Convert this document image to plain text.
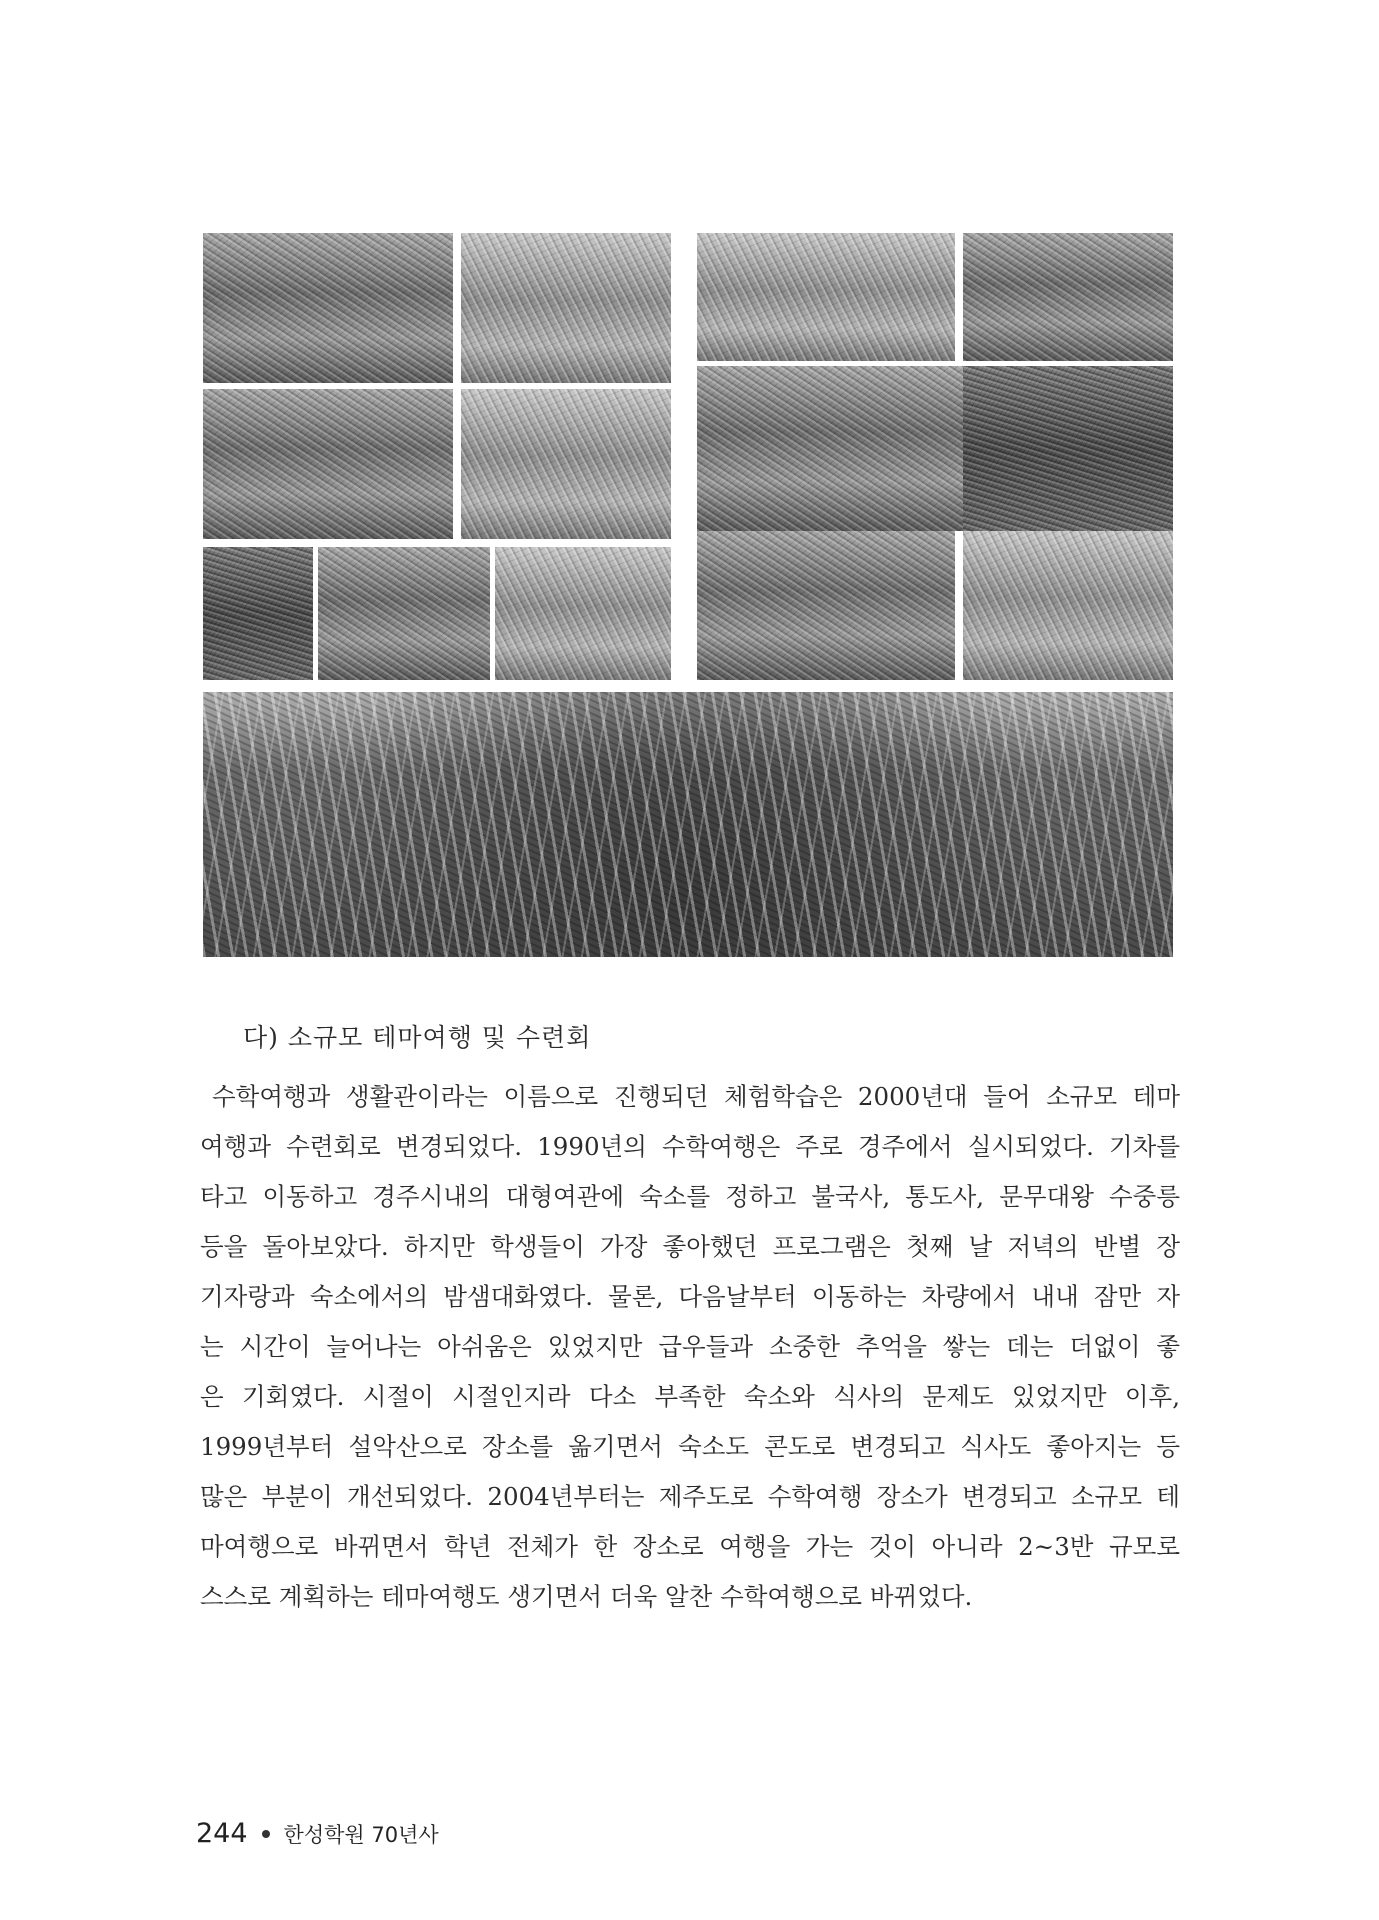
다) 소규모 테마여행 및 수련회

수학여행과 생활관이라는 이름으로 진행되던 체험학습은 2000년대 들어 소규모 테마
여행과 수련회로 변경되었다. 1990년의 수학여행은 주로 경주에서 실시되었다. 기차를
타고 이동하고 경주시내의 대형여관에 숙소를 정하고 불국사, 통도사, 문무대왕 수중릉
등을 돌아보았다. 하지만 학생들이 가장 좋아했던 프로그램은 첫째 날 저녁의 반별 장
기자랑과 숙소에서의 밤샘대화였다. 물론, 다음날부터 이동하는 차량에서 내내 잠만 자
는 시간이 늘어나는 아쉬움은 있었지만 급우들과 소중한 추억을 쌓는 데는 더없이 좋
은 기회였다. 시절이 시절인지라 다소 부족한 숙소와 식사의 문제도 있었지만 이후,
1999년부터 설악산으로 장소를 옮기면서 숙소도 콘도로 변경되고 식사도 좋아지는 등
많은 부분이 개선되었다. 2004년부터는 제주도로 수학여행 장소가 변경되고 소규모 테
마여행으로 바뀌면서 학년 전체가 한 장소로 여행을 가는 것이 아니라 2~3반 규모로
스스로 계획하는 테마여행도 생기면서 더욱 알찬 수학여행으로 바뀌었다.

244 한성학원 70년사
